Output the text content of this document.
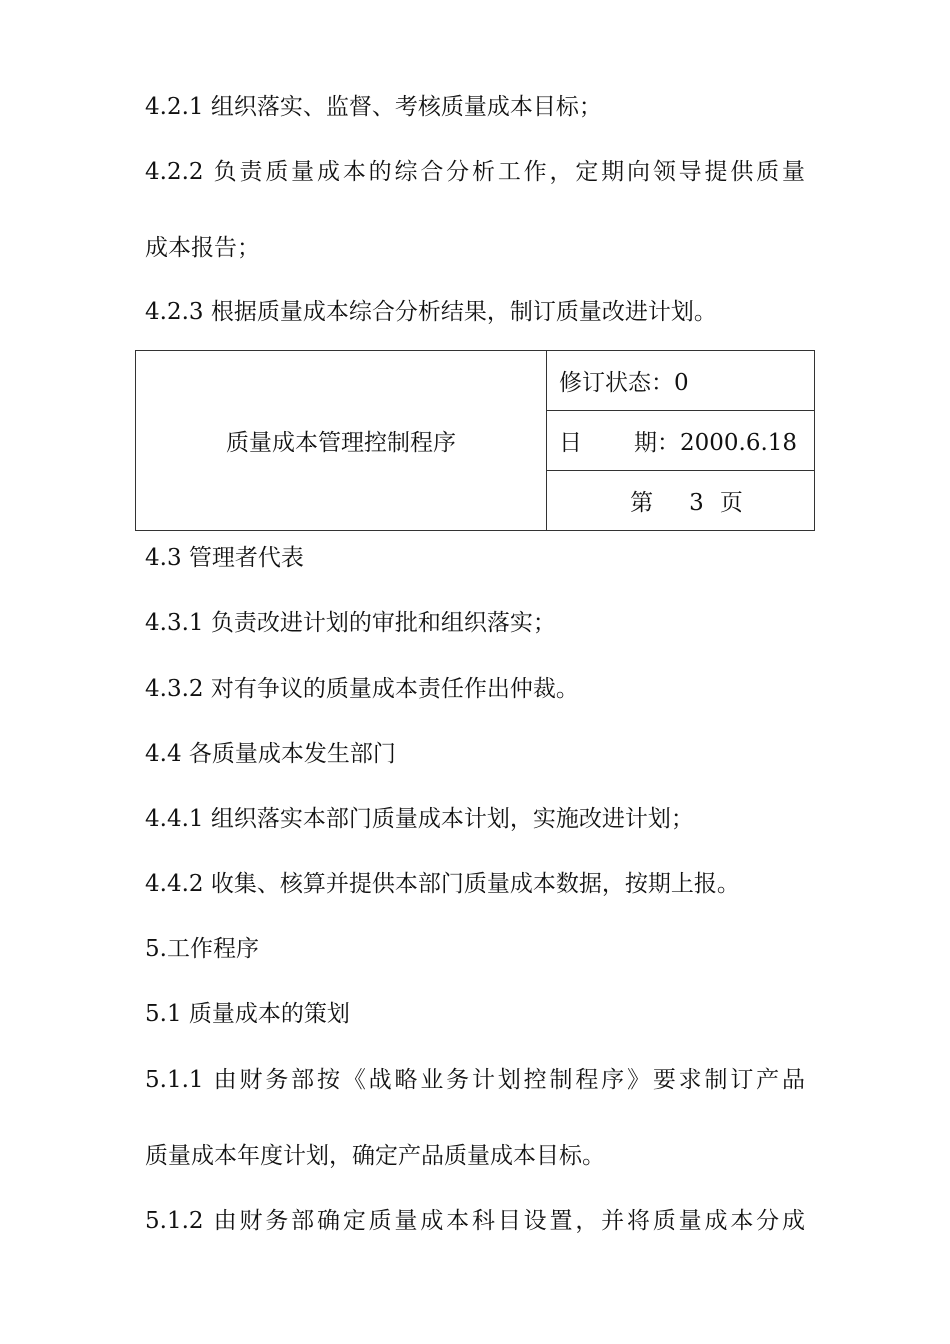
4.2.1 组织落实、监督、考核质量成本目标；

4.2.2 负责质量成本的综合分析工作，定期向领导提供质量

成本报告；

4.2.3 根据质量成本综合分析结果，制订质量改进计划。

质量成本管理控制程序	修订状态：0
日 期：2000.6.18
第 3 页

4.3 管理者代表

4.3.1 负责改进计划的审批和组织落实；

4.3.2 对有争议的质量成本责任作出仲裁。

4.4 各质量成本发生部门

4.4.1 组织落实本部门质量成本计划，实施改进计划；

4.4.2 收集、核算并提供本部门质量成本数据，按期上报。

5.工作程序

5.1 质量成本的策划

5.1.1 由财务部按《战略业务计划控制程序》要求制订产品

质量成本年度计划，确定产品质量成本目标。

5.1.2 由财务部确定质量成本科目设置，并将质量成本分成
